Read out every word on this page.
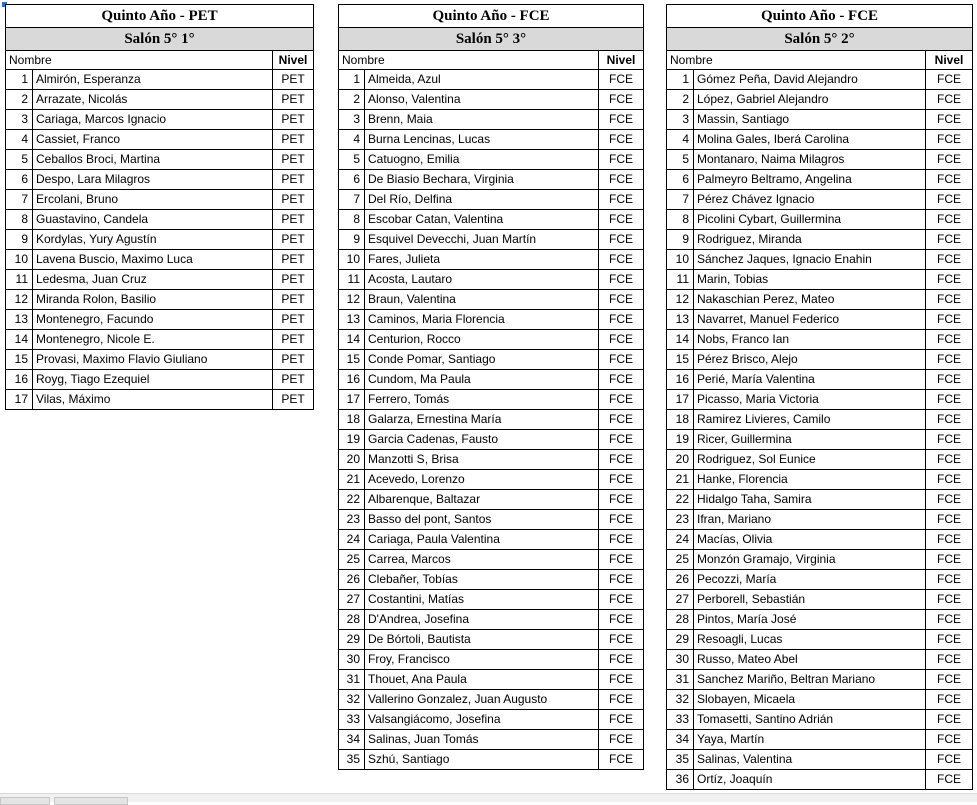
Quinto Año - PET		
Salón 5° 1°		
Nombre		Nivel
1	Almirón, Esperanza	PET
2	Arrazate, Nicolás	PET
3	Cariaga, Marcos Ignacio	PET
4	Cassiet, Franco	PET
5	Ceballos Broci, Martina	PET
6	Despo, Lara Milagros	PET
7	Ercolani, Bruno	PET
8	Guastavino, Candela	PET
9	Kordylas, Yury Agustín	PET
10	Lavena Buscio, Maximo Luca	PET
11	Ledesma, Juan Cruz	PET
12	Miranda Rolon, Basilio	PET
13	Montenegro, Facundo	PET
14	Montenegro, Nicole E.	PET
15	Provasi, Maximo Flavio Giuliano	PET
16	Royg, Tiago Ezequiel	PET
17	Vilas, Máximo	PET
Quinto Año - FCE		
Salón 5° 3°		
Nombre		Nivel
1	Almeida, Azul	FCE
2	Alonso, Valentina	FCE
3	Brenn, Maia	FCE
4	Burna Lencinas, Lucas	FCE
5	Catuogno, Emilia	FCE
6	De Biasio Bechara, Virginia	FCE
7	Del Río, Delfina	FCE
8	Escobar Catan, Valentina	FCE
9	Esquivel Devecchi, Juan Martín	FCE
10	Fares, Julieta	FCE
11	Acosta, Lautaro	FCE
12	Braun, Valentina	FCE
13	Caminos, Maria Florencia	FCE
14	Centurion, Rocco	FCE
15	Conde Pomar, Santiago	FCE
16	Cundom, Ma Paula	FCE
17	Ferrero, Tomás	FCE
18	Galarza, Ernestina María	FCE
19	Garcia Cadenas, Fausto	FCE
20	Manzotti S, Brisa	FCE
21	Acevedo, Lorenzo	FCE
22	Albarenque, Baltazar	FCE
23	Basso del pont, Santos	FCE
24	Cariaga, Paula Valentina	FCE
25	Carrea, Marcos	FCE
26	Clebañer, Tobías	FCE
27	Costantini, Matías	FCE
28	D'Andrea, Josefina	FCE
29	De Bórtoli, Bautista	FCE
30	Froy, Francisco	FCE
31	Thouet, Ana Paula	FCE
32	Vallerino Gonzalez, Juan Augusto	FCE
33	Valsangiácomo, Josefina	FCE
34	Salinas, Juan Tomás	FCE
35	Szhú, Santiago	FCE
Quinto Año - FCE		
Salón 5° 2°		
Nombre		Nivel
1	Gómez Peña, David Alejandro	FCE
2	López, Gabriel Alejandro	FCE
3	Massin, Santiago	FCE
4	Molina Gales, Iberá Carolina	FCE
5	Montanaro, Naima Milagros	FCE
6	Palmeyro Beltramo, Angelina	FCE
7	Pérez Chávez Ignacio	FCE
8	Picolini Cybart, Guillermina	FCE
9	Rodriguez, Miranda	FCE
10	Sánchez Jaques, Ignacio Enahin	FCE
11	Marin, Tobias	FCE
12	Nakaschian Perez, Mateo	FCE
13	Navarret, Manuel Federico	FCE
14	Nobs, Franco Ian	FCE
15	Pérez Brisco, Alejo	FCE
16	Perié, María Valentina	FCE
17	Picasso, Maria Victoria	FCE
18	Ramirez Livieres, Camilo	FCE
19	Ricer, Guillermina	FCE
20	Rodriguez, Sol Eunice	FCE
21	Hanke, Florencia	FCE
22	Hidalgo Taha, Samira	FCE
23	Ifran, Mariano	FCE
24	Macías, Olivia	FCE
25	Monzón Gramajo, Virginia	FCE
26	Pecozzi, María	FCE
27	Perborell, Sebastián	FCE
28	Pintos, María José	FCE
29	Resoagli, Lucas	FCE
30	Russo, Mateo Abel	FCE
31	Sanchez Mariño, Beltran Mariano	FCE
32	Slobayen, Micaela	FCE
33	Tomasetti, Santino Adrián	FCE
34	Yaya, Martín	FCE
35	Salinas, Valentina	FCE
36	Ortíz, Joaquín	FCE
